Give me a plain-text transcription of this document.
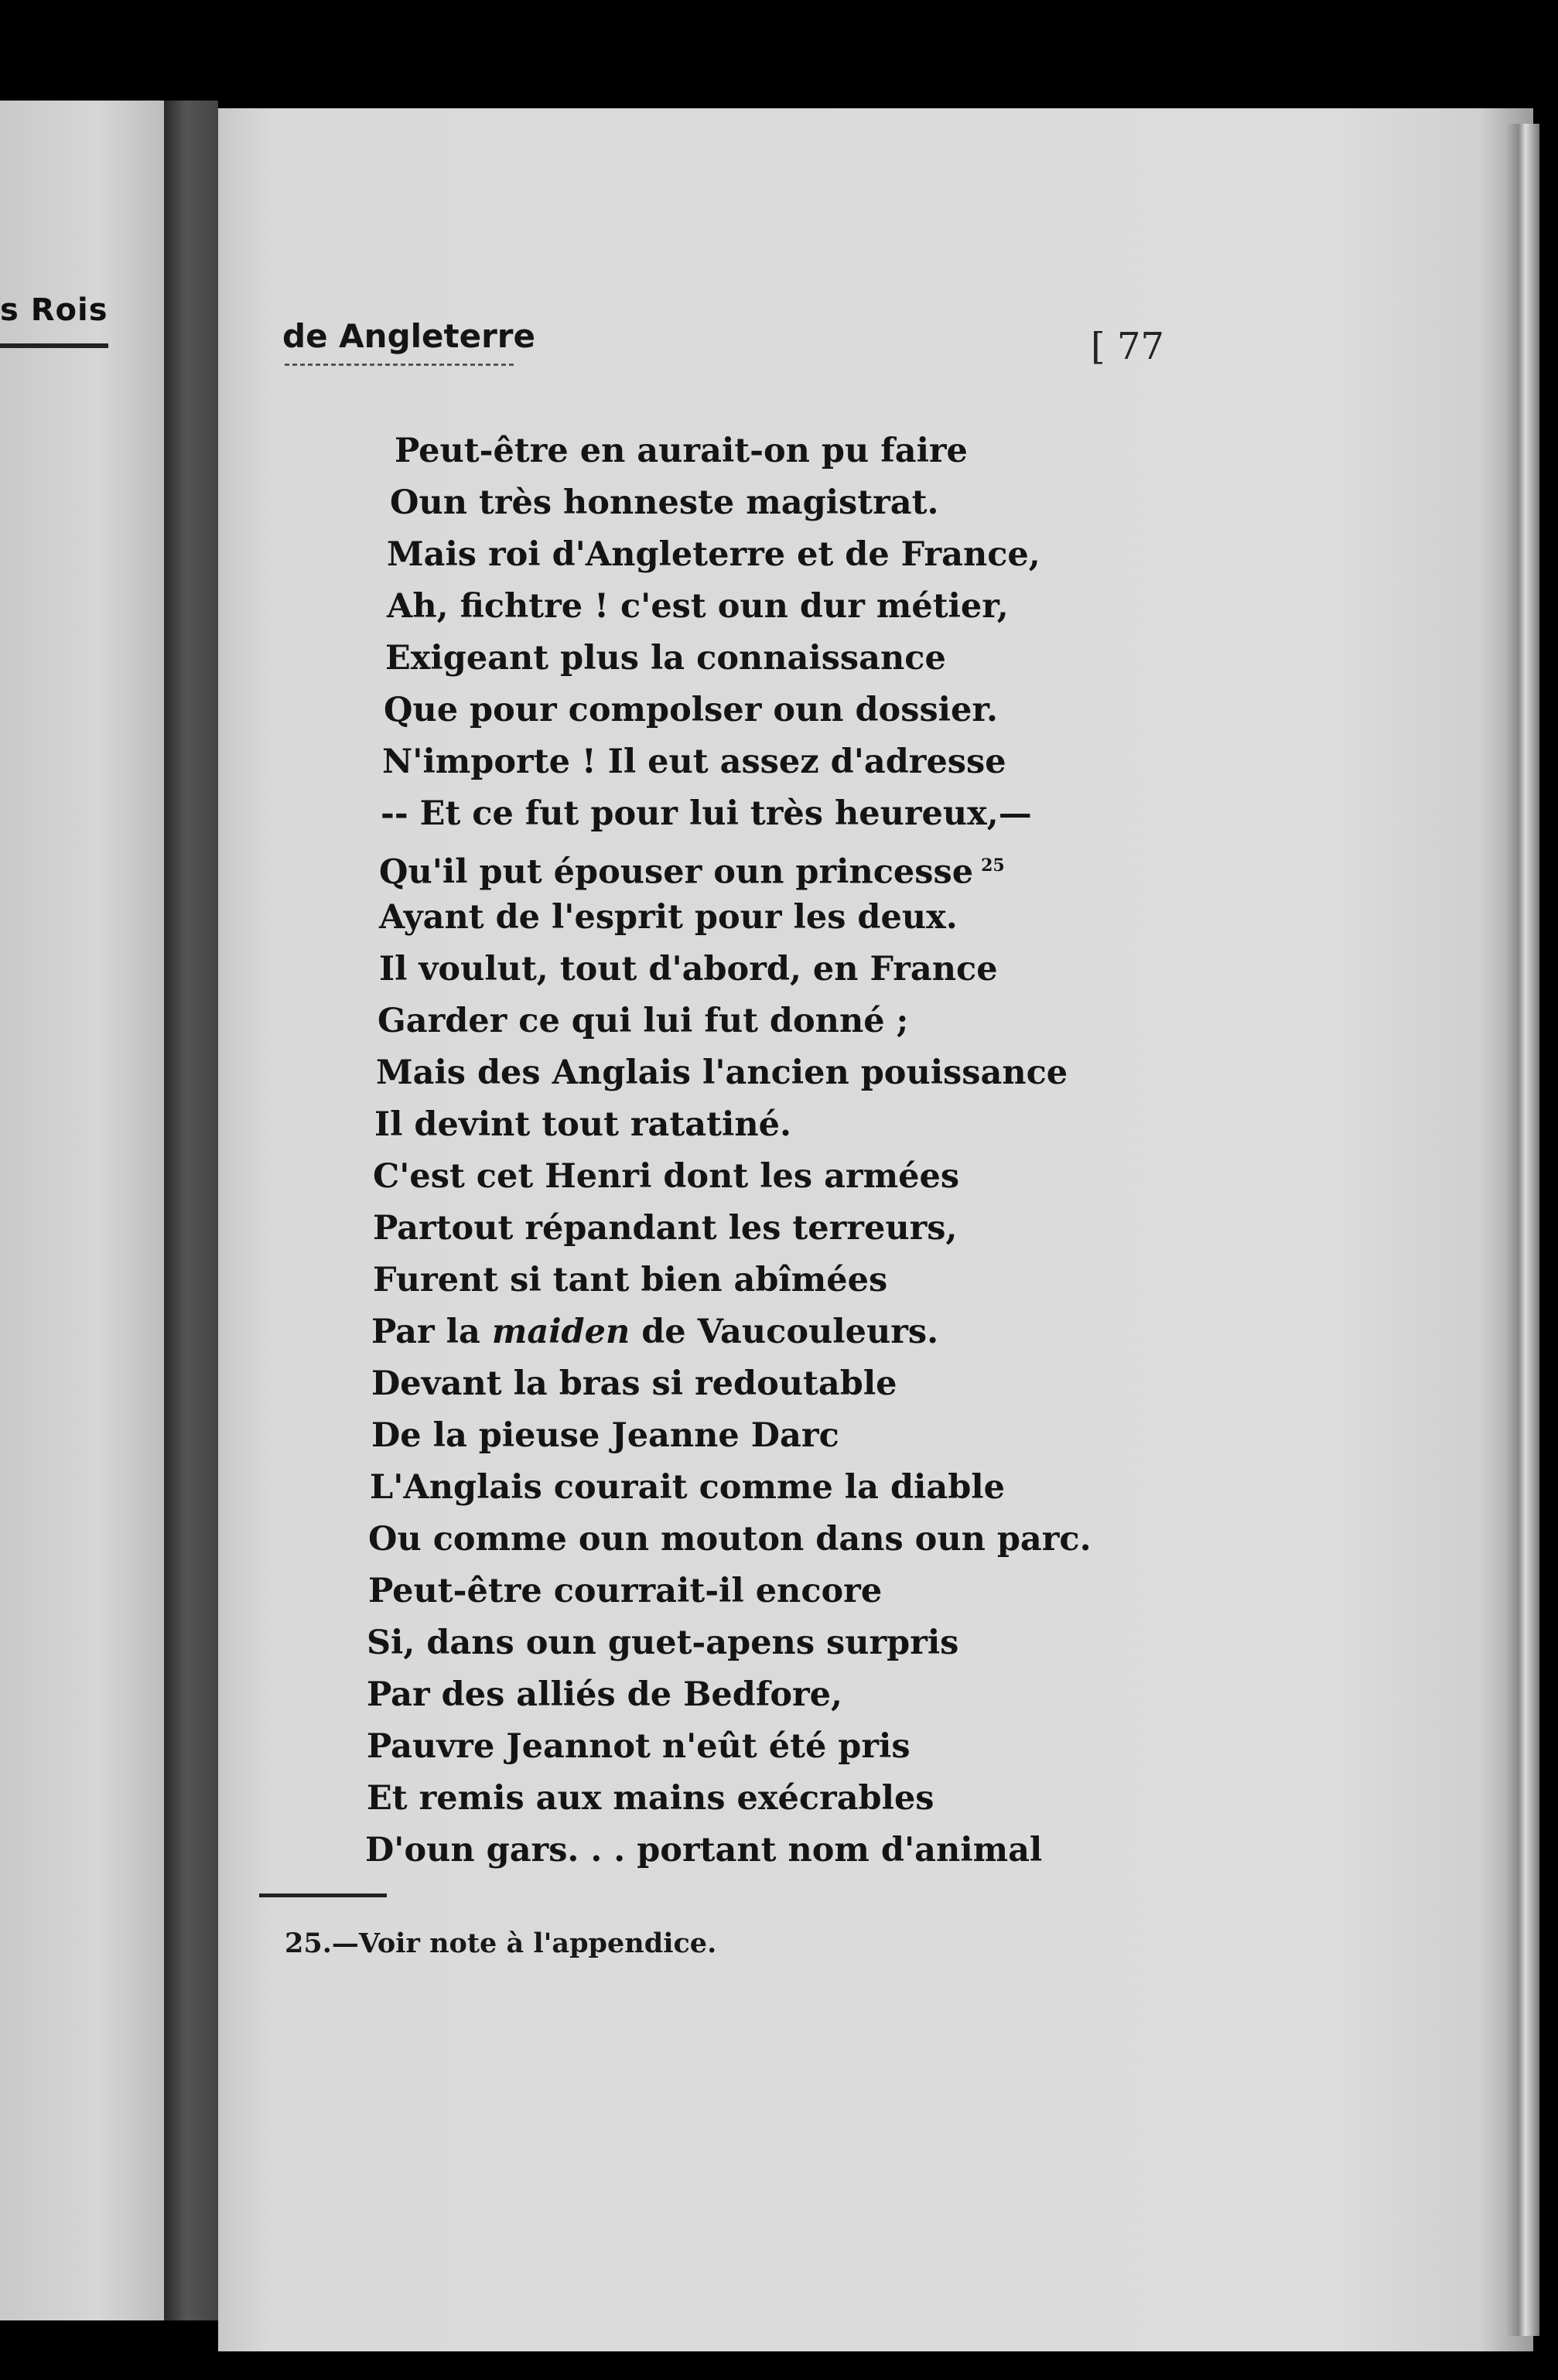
s Rois
de Angleterre	[ 77
Peut-être en aurait-on pu faire
Oun très honneste magistrat.
Mais roi d'Angleterre et de France,
Ah, fichtre ! c'est oun dur métier,
Exigeant plus la connaissance
Que pour compolser oun dossier.
N'importe ! Il eut assez d'adresse
-- Et ce fut pour lui très heureux,—
Qu'il put épouser oun princesse $^{25}$
Ayant de l'esprit pour les deux.
Il voulut, tout d'abord, en France
Garder ce qui lui fut donné ;
Mais des Anglais l'ancien pouissance
Il devint tout ratatiné.
C'est cet Henri dont les armées
Partout répandant les terreurs,
Furent si tant bien abîmées
Par la maiden de Vaucouleurs.
Devant la bras si redoutable
De la pieuse Jeanne Darc
L'Anglais courait comme la diable
Ou comme oun mouton dans oun parc.
Peut-être courrait-il encore
Si, dans oun guet-apens surpris
Par des alliés de Bedfore,
Pauvre Jeannot n'eût été pris
Et remis aux mains exécrables
D'oun gars. . . portant nom d'animal
25.—Voir note à l'appendice.
